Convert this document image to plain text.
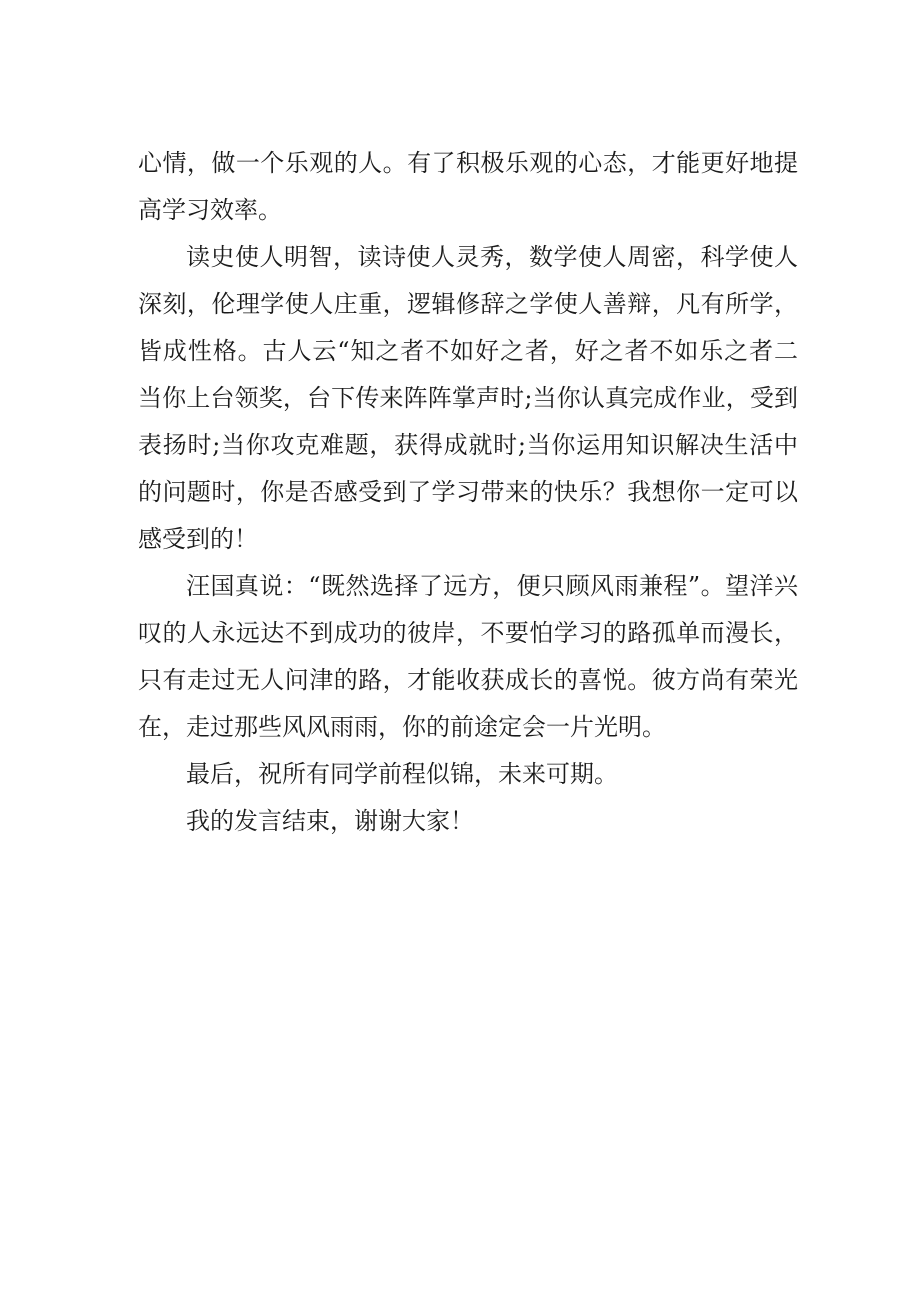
心情，做一个乐观的人。有了积极乐观的心态，才能更好地提高学习效率。

读史使人明智，读诗使人灵秀，数学使人周密，科学使人深刻，伦理学使人庄重，逻辑修辞之学使人善辩，凡有所学，皆成性格。古人云“知之者不如好之者，好之者不如乐之者二当你上台领奖，台下传来阵阵掌声时;当你认真完成作业，受到表扬时;当你攻克难题，获得成就时;当你运用知识解决生活中的问题时，你是否感受到了学习带来的快乐？我想你一定可以感受到的！

汪国真说：“既然选择了远方，便只顾风雨兼程”。望洋兴叹的人永远达不到成功的彼岸，不要怕学习的路孤单而漫长，只有走过无人问津的路，才能收获成长的喜悦。彼方尚有荣光在，走过那些风风雨雨，你的前途定会一片光明。

最后，祝所有同学前程似锦，未来可期。

我的发言结束，谢谢大家！
